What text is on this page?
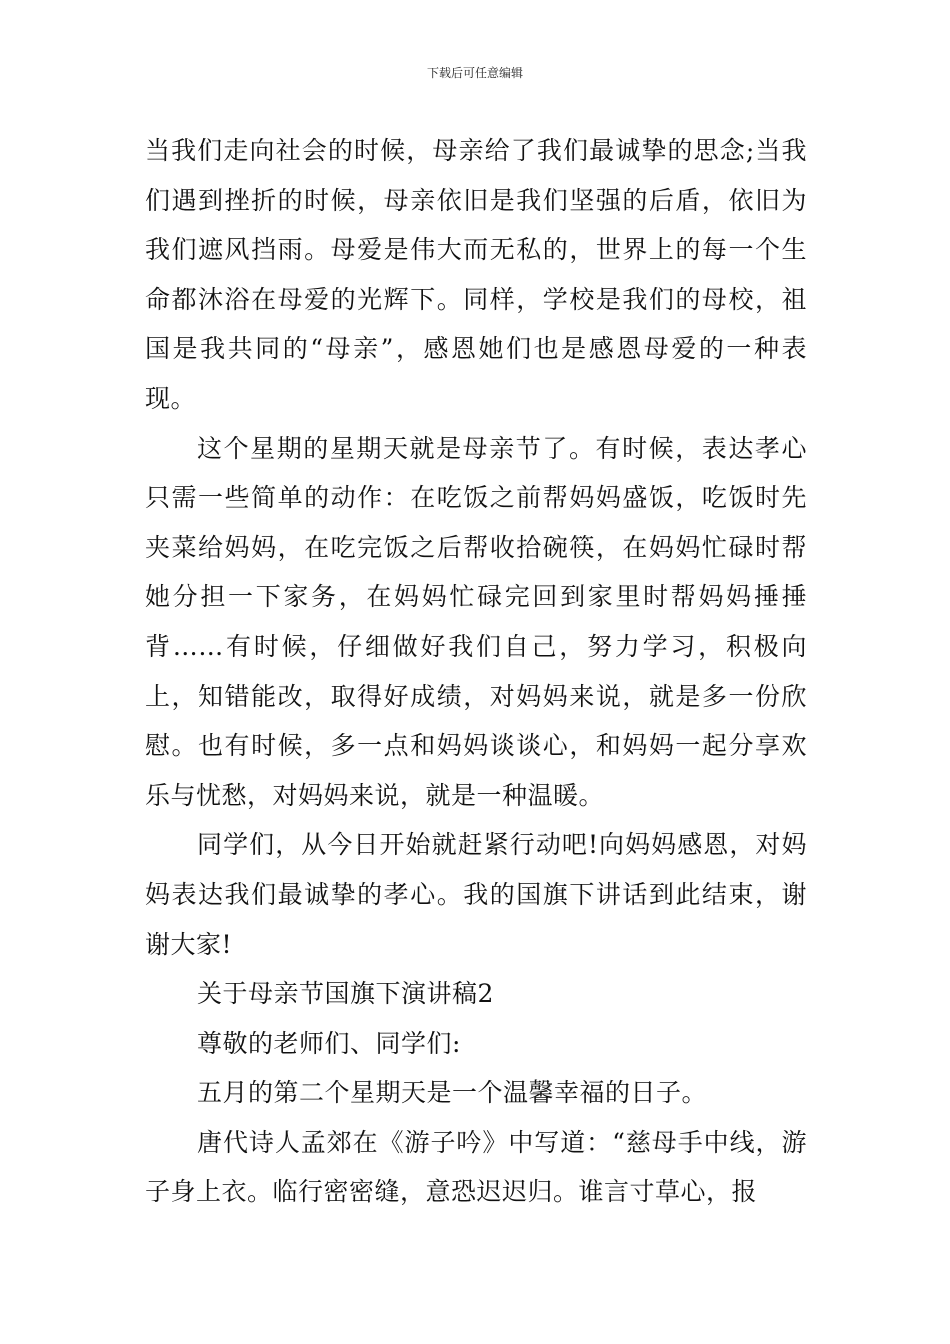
下载后可任意编辑

当我们走向社会的时候，母亲给了我们最诚挚的思念;当我们遇到挫折的时候，母亲依旧是我们坚强的后盾，依旧为我们遮风挡雨。母爱是伟大而无私的，世界上的每一个生命都沐浴在母爱的光辉下。同样，学校是我们的母校，祖国是我共同的“母亲”，感恩她们也是感恩母爱的一种表现。

这个星期的星期天就是母亲节了。有时候，表达孝心只需一些简单的动作：在吃饭之前帮妈妈盛饭，吃饭时先夹菜给妈妈，在吃完饭之后帮收拾碗筷，在妈妈忙碌时帮她分担一下家务，在妈妈忙碌完回到家里时帮妈妈捶捶背……有时候，仔细做好我们自己，努力学习，积极向上，知错能改，取得好成绩，对妈妈来说，就是多一份欣慰。也有时候，多一点和妈妈谈谈心，和妈妈一起分享欢乐与忧愁，对妈妈来说，就是一种温暖。

同学们，从今日开始就赶紧行动吧!向妈妈感恩，对妈妈表达我们最诚挚的孝心。我的国旗下讲话到此结束，谢谢大家!

关于母亲节国旗下演讲稿2

尊敬的老师们、同学们:

五月的第二个星期天是一个温馨幸福的日子。

唐代诗人孟郊在《游子吟》中写道：“慈母手中线，游子身上衣。临行密密缝，意恐迟迟归。谁言寸草心，报
